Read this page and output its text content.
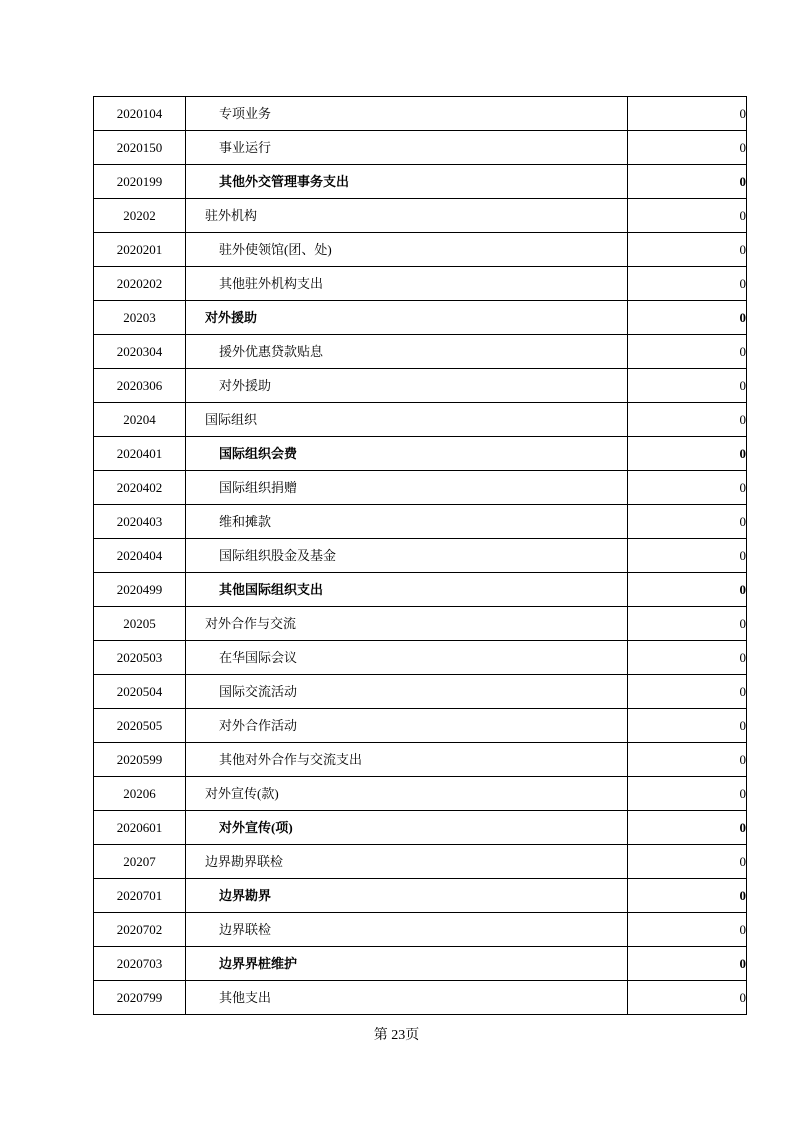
2020104	专项业务	0
2020150	事业运行	0
2020199	其他外交管理事务支出	0
20202	驻外机构	0
2020201	驻外使领馆(团、处)	0
2020202	其他驻外机构支出	0
20203	对外援助	0
2020304	援外优惠贷款贴息	0
2020306	对外援助	0
20204	国际组织	0
2020401	国际组织会费	0
2020402	国际组织捐赠	0
2020403	维和摊款	0
2020404	国际组织股金及基金	0
2020499	其他国际组织支出	0
20205	对外合作与交流	0
2020503	在华国际会议	0
2020504	国际交流活动	0
2020505	对外合作活动	0
2020599	其他对外合作与交流支出	0
20206	对外宣传(款)	0
2020601	对外宣传(项)	0
20207	边界勘界联检	0
2020701	边界勘界	0
2020702	边界联检	0
2020703	边界界桩维护	0
2020799	其他支出	0
第 23页
